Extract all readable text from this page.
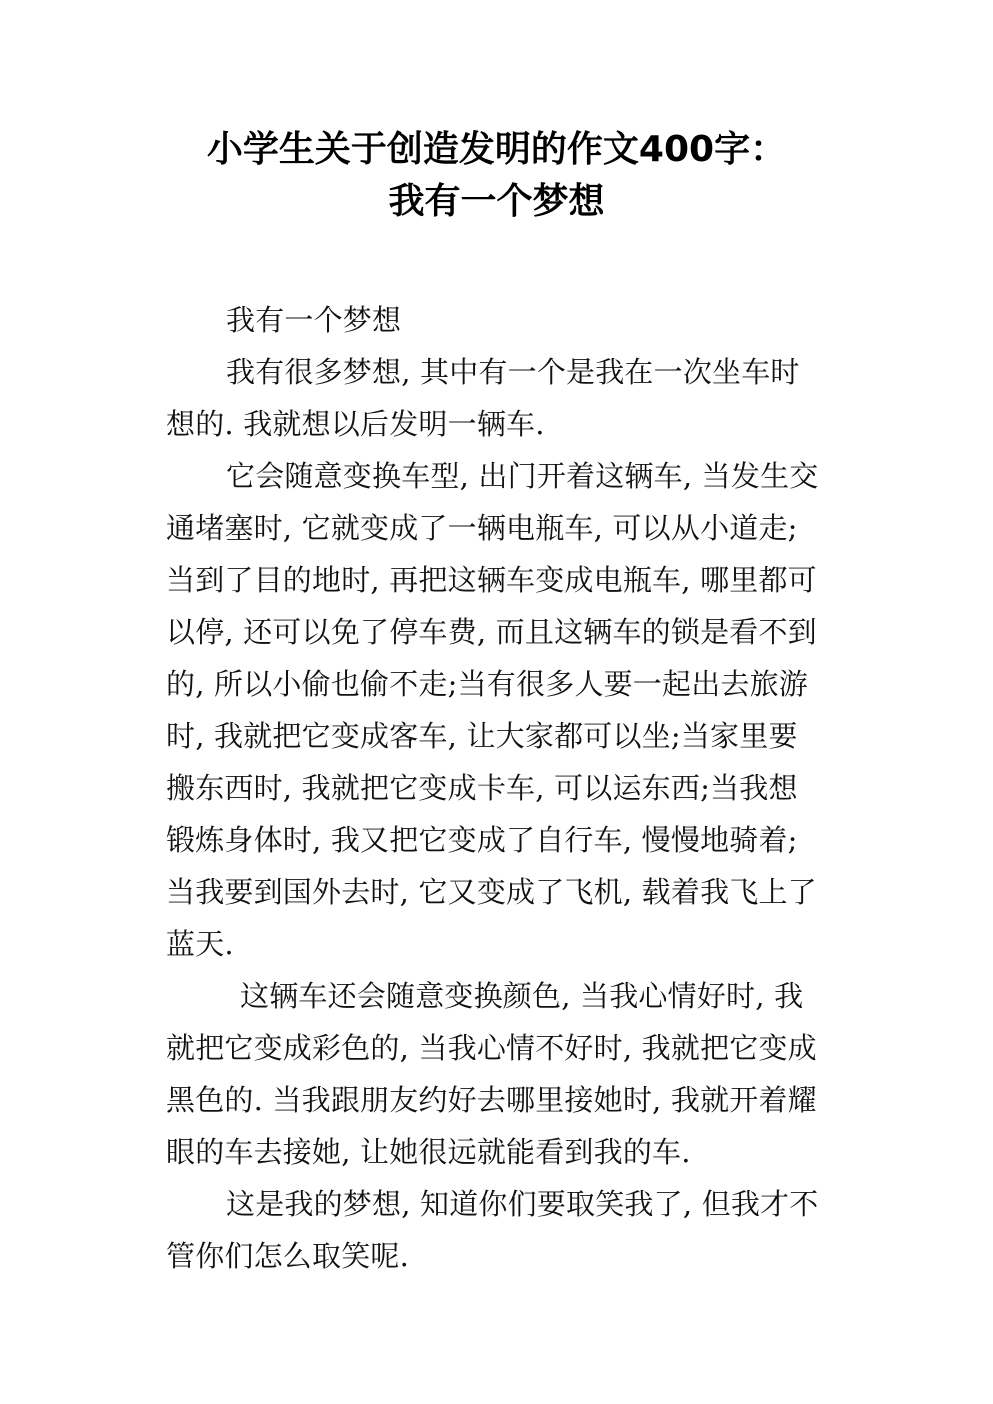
小学生关于创造发明的作文400字：
我有一个梦想
我有一个梦想
我有很多梦想, 其中有一个是我在一次坐车时
想的. 我就想以后发明一辆车.
它会随意变换车型, 出门开着这辆车, 当发生交
通堵塞时, 它就变成了一辆电瓶车, 可以从小道走;
当到了目的地时, 再把这辆车变成电瓶车, 哪里都可
以停, 还可以免了停车费, 而且这辆车的锁是看不到
的, 所以小偷也偷不走;当有很多人要一起出去旅游
时, 我就把它变成客车, 让大家都可以坐;当家里要
搬东西时, 我就把它变成卡车, 可以运东西;当我想
锻炼身体时, 我又把它变成了自行车, 慢慢地骑着;
当我要到国外去时, 它又变成了飞机, 载着我飞上了
蓝天.
这辆车还会随意变换颜色, 当我心情好时, 我
就把它变成彩色的, 当我心情不好时, 我就把它变成
黑色的. 当我跟朋友约好去哪里接她时, 我就开着耀
眼的车去接她, 让她很远就能看到我的车.
这是我的梦想, 知道你们要取笑我了, 但我才不
管你们怎么取笑呢.
